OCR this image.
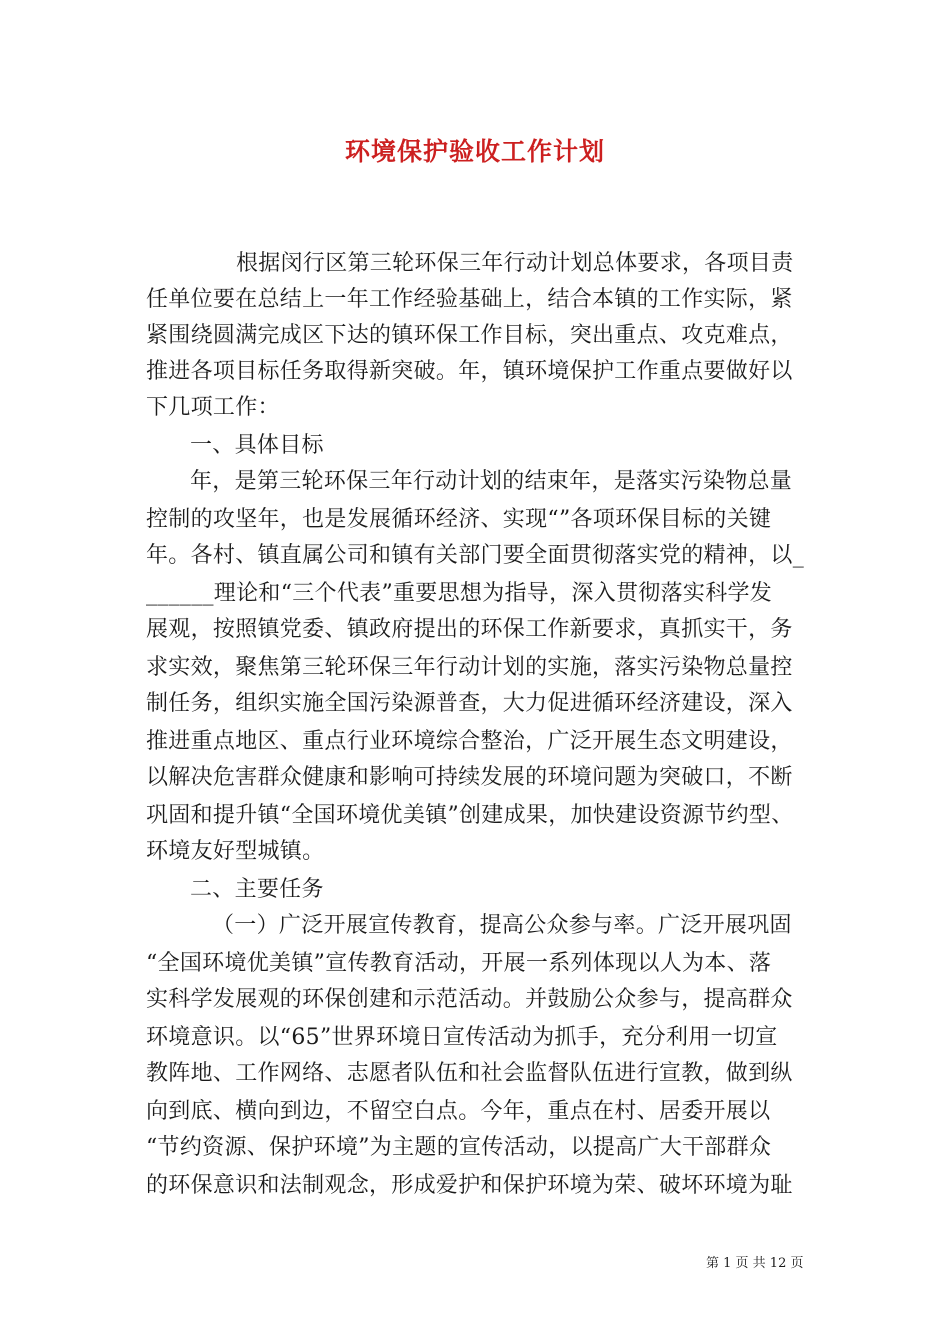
环境保护验收工作计划
根据闵行区第三轮环保三年行动计划总体要求，各项目责
任单位要在总结上一年工作经验基础上，结合本镇的工作实际，紧
紧围绕圆满完成区下达的镇环保工作目标，突出重点、攻克难点，
推进各项目标任务取得新突破。年，镇环境保护工作重点要做好以
下几项工作：
一、具体目标
年，是第三轮环保三年行动计划的结束年，是落实污染物总量
控制的攻坚年，也是发展循环经济、实现“”各项环保目标的关键
年。各村、镇直属公司和镇有关部门要全面贯彻落实党的精神，以_
______理论和“三个代表”重要思想为指导，深入贯彻落实科学发
展观，按照镇党委、镇政府提出的环保工作新要求，真抓实干，务
求实效，聚焦第三轮环保三年行动计划的实施，落实污染物总量控
制任务，组织实施全国污染源普查，大力促进循环经济建设，深入
推进重点地区、重点行业环境综合整治，广泛开展生态文明建设，
以解决危害群众健康和影响可持续发展的环境问题为突破口，不断
巩固和提升镇“全国环境优美镇”创建成果，加快建设资源节约型、
环境友好型城镇。
二、主要任务
（一）广泛开展宣传教育，提高公众参与率。广泛开展巩固
“全国环境优美镇”宣传教育活动，开展一系列体现以人为本、落
实科学发展观的环保创建和示范活动。并鼓励公众参与，提高群众
环境意识。以“65”世界环境日宣传活动为抓手，充分利用一切宣
教阵地、工作网络、志愿者队伍和社会监督队伍进行宣教，做到纵
向到底、横向到边，不留空白点。今年，重点在村、居委开展以
“节约资源、保护环境”为主题的宣传活动，以提高广大干部群众
的环保意识和法制观念，形成爱护和保护环境为荣、破坏环境为耻
第 1 页 共 12 页
